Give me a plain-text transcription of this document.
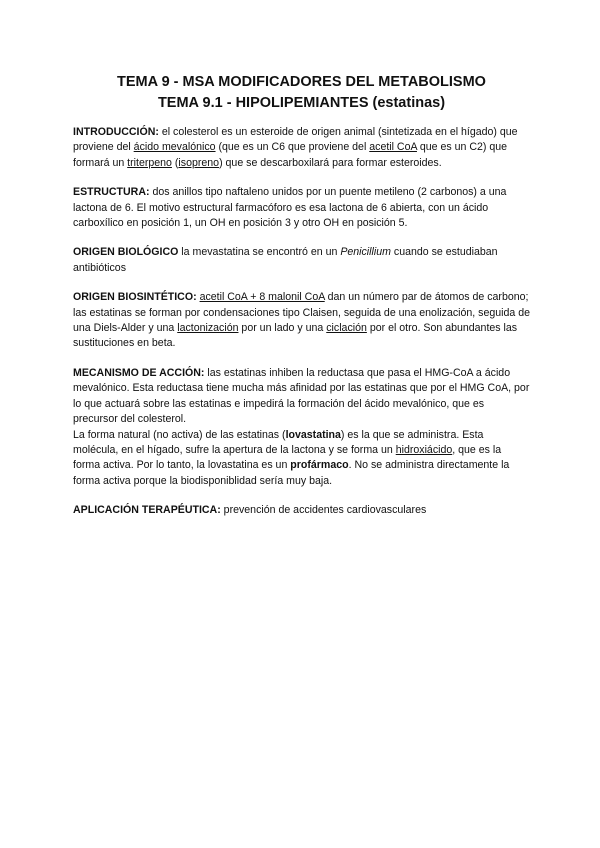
TEMA 9 - MSA MODIFICADORES DEL METABOLISMO
TEMA 9.1 - HIPOLIPEMIANTES (estatinas)

INTRODUCCIÓN: el colesterol es un esteroide de origen animal (sintetizada en el hígado) que proviene del ácido mevalónico (que es un C6 que proviene del acetil CoA que es un C2) que formará un triterpeno (isopreno) que se descarboxilará para formar esteroides.

ESTRUCTURA: dos anillos tipo naftaleno unidos por un puente metileno (2 carbonos) a una lactona de 6. El motivo estructural farmacóforo es esa lactona de 6 abierta, con un ácido carboxílico en posición 1, un OH en posición 3 y otro OH en posición 5.

ORIGEN BIOLÓGICO la mevastatina se encontró en un Penicillium cuando se estudiaban antibióticos

ORIGEN BIOSINTÉTICO: acetil CoA + 8 malonil CoA dan un número par de átomos de carbono; las estatinas se forman por condensaciones tipo Claisen, seguida de una enolización, seguida de una Diels-Alder y una lactonización por un lado y una ciclación por el otro. Son abundantes las sustituciones en beta.

MECANISMO DE ACCIÓN: las estatinas inhiben la reductasa que pasa el HMG-CoA a ácido mevalónico. Esta reductasa tiene mucha más afinidad por las estatinas que por el HMG CoA, por lo que actuará sobre las estatinas e impedirá la formación del ácido mevalónico, que es precursor del colesterol.
La forma natural (no activa) de las estatinas (lovastatina) es la que se administra. Esta molécula, en el hígado, sufre la apertura de la lactona y se forma un hidroxiácido, que es la forma activa. Por lo tanto, la lovastatina es un profármaco. No se administra directamente la forma activa porque la biodisponiblidad sería muy baja.

APLICACIÓN TERAPÉUTICA: prevención de accidentes cardiovasculares
